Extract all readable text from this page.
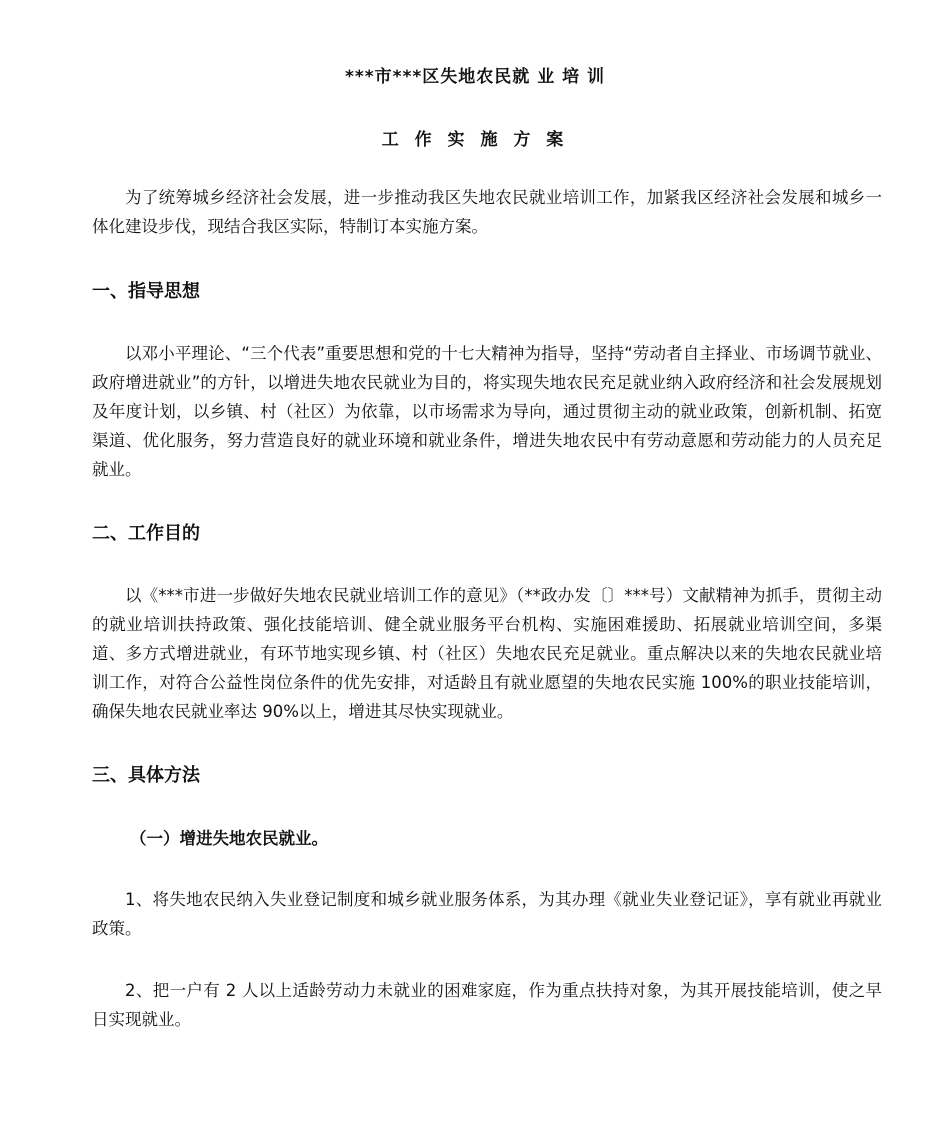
***市***区失地农民就 业 培 训
工 作 实 施 方 案

为了统筹城乡经济社会发展，进一步推动我区失地农民就业培训工作，加紧我区经济社会发展和城乡一体化建设步伐，现结合我区实际，特制订本实施方案。

一、指导思想

以邓小平理论、“三个代表”重要思想和党的十七大精神为指导，坚持“劳动者自主择业、市场调节就业、政府增进就业”的方针，以增进失地农民就业为目的，将实现失地农民充足就业纳入政府经济和社会发展规划及年度计划，以乡镇、村（社区）为依靠，以市场需求为导向，通过贯彻主动的就业政策，创新机制、拓宽渠道、优化服务，努力营造良好的就业环境和就业条件，增进失地农民中有劳动意愿和劳动能力的人员充足就业。

二、工作目的

以《***市进一步做好失地农民就业培训工作的意见》（**政办发〔〕***号）文献精神为抓手，贯彻主动的就业培训扶持政策、强化技能培训、健全就业服务平台机构、实施困难援助、拓展就业培训空间，多渠道、多方式增进就业，有环节地实现乡镇、村（社区）失地农民充足就业。重点解决以来的失地农民就业培训工作，对符合公益性岗位条件的优先安排，对适龄且有就业愿望的失地农民实施 100%的职业技能培训，确保失地农民就业率达 90%以上，增进其尽快实现就业。

三、具体方法
（一）增进失地农民就业。

1、将失地农民纳入失业登记制度和城乡就业服务体系，为其办理《就业失业登记证》，享有就业再就业政策。

2、把一户有 2 人以上适龄劳动力未就业的困难家庭，作为重点扶持对象，为其开展技能培训，使之早日实现就业。
